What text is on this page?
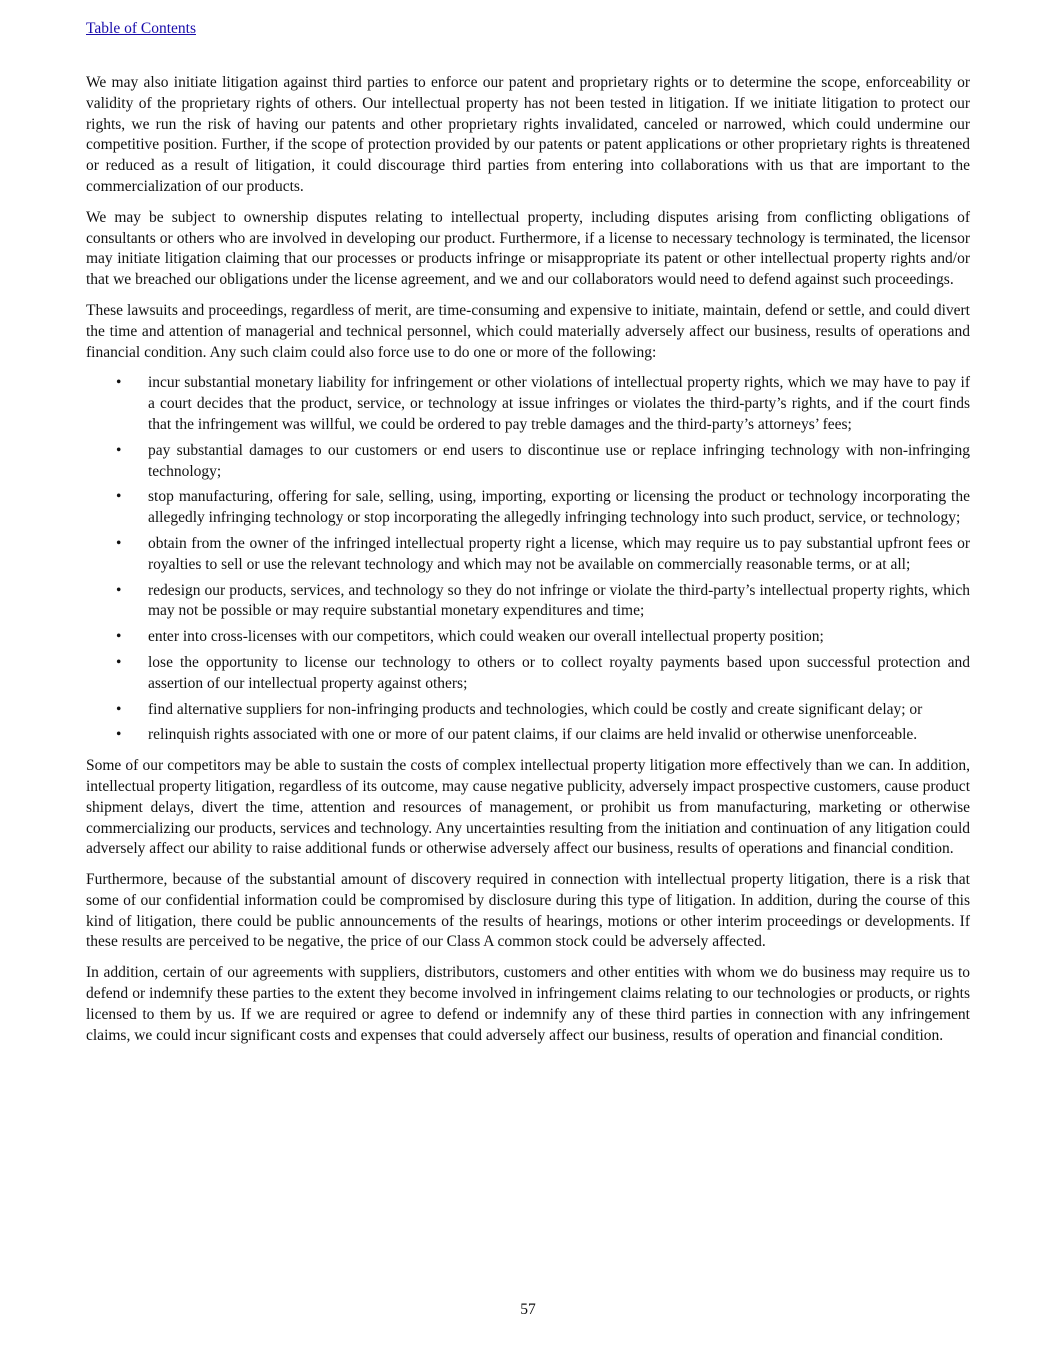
Table of Contents

We may also initiate litigation against third parties to enforce our patent and proprietary rights or to determine the scope, enforceability or validity of the proprietary rights of others. Our intellectual property has not been tested in litigation. If we initiate litigation to protect our rights, we run the risk of having our patents and other proprietary rights invalidated, canceled or narrowed, which could undermine our competitive position. Further, if the scope of protection provided by our patents or patent applications or other proprietary rights is threatened or reduced as a result of litigation, it could discourage third parties from entering into collaborations with us that are important to the commercialization of our products.

We may be subject to ownership disputes relating to intellectual property, including disputes arising from conflicting obligations of consultants or others who are involved in developing our product. Furthermore, if a license to necessary technology is terminated, the licensor may initiate litigation claiming that our processes or products infringe or misappropriate its patent or other intellectual property rights and/or that we breached our obligations under the license agreement, and we and our collaborators would need to defend against such proceedings.

These lawsuits and proceedings, regardless of merit, are time-consuming and expensive to initiate, maintain, defend or settle, and could divert the time and attention of managerial and technical personnel, which could materially adversely affect our business, results of operations and financial condition. Any such claim could also force use to do one or more of the following:

• incur substantial monetary liability for infringement or other violations of intellectual property rights, which we may have to pay if a court decides that the product, service, or technology at issue infringes or violates the third-party’s rights, and if the court finds that the infringement was willful, we could be ordered to pay treble damages and the third-party’s attorneys’ fees;
• pay substantial damages to our customers or end users to discontinue use or replace infringing technology with non-infringing technology;
• stop manufacturing, offering for sale, selling, using, importing, exporting or licensing the product or technology incorporating the allegedly infringing technology or stop incorporating the allegedly infringing technology into such product, service, or technology;
• obtain from the owner of the infringed intellectual property right a license, which may require us to pay substantial upfront fees or royalties to sell or use the relevant technology and which may not be available on commercially reasonable terms, or at all;
• redesign our products, services, and technology so they do not infringe or violate the third-party’s intellectual property rights, which may not be possible or may require substantial monetary expenditures and time;
• enter into cross-licenses with our competitors, which could weaken our overall intellectual property position;
• lose the opportunity to license our technology to others or to collect royalty payments based upon successful protection and assertion of our intellectual property against others;
• find alternative suppliers for non-infringing products and technologies, which could be costly and create significant delay; or
• relinquish rights associated with one or more of our patent claims, if our claims are held invalid or otherwise unenforceable.

Some of our competitors may be able to sustain the costs of complex intellectual property litigation more effectively than we can. In addition, intellectual property litigation, regardless of its outcome, may cause negative publicity, adversely impact prospective customers, cause product shipment delays, divert the time, attention and resources of management, or prohibit us from manufacturing, marketing or otherwise commercializing our products, services and technology. Any uncertainties resulting from the initiation and continuation of any litigation could adversely affect our ability to raise additional funds or otherwise adversely affect our business, results of operations and financial condition.

Furthermore, because of the substantial amount of discovery required in connection with intellectual property litigation, there is a risk that some of our confidential information could be compromised by disclosure during this type of litigation. In addition, during the course of this kind of litigation, there could be public announcements of the results of hearings, motions or other interim proceedings or developments. If these results are perceived to be negative, the price of our Class A common stock could be adversely affected.

In addition, certain of our agreements with suppliers, distributors, customers and other entities with whom we do business may require us to defend or indemnify these parties to the extent they become involved in infringement claims relating to our technologies or products, or rights licensed to them by us. If we are required or agree to defend or indemnify any of these third parties in connection with any infringement claims, we could incur significant costs and expenses that could adversely affect our business, results of operation and financial condition.

57
